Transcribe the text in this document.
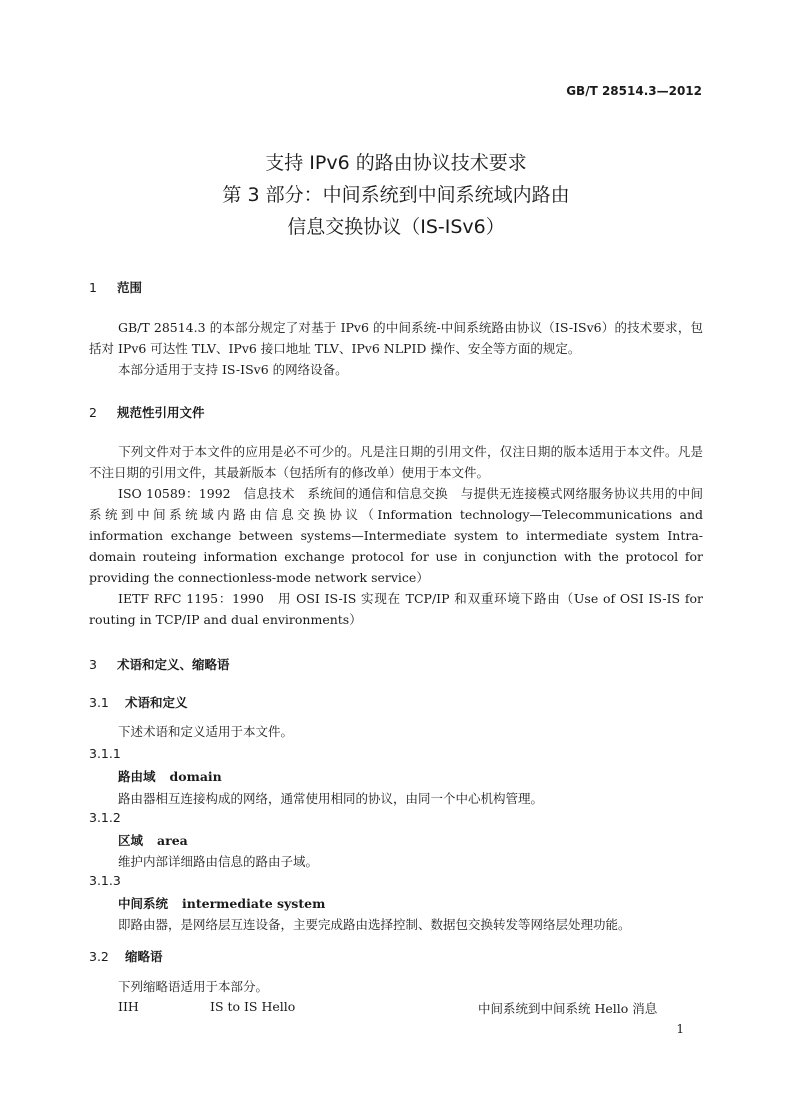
GB/T 28514.3—2012
支持 IPv6 的路由协议技术要求
第 3 部分：中间系统到中间系统域内路由
信息交换协议（IS-ISv6）
1 范围
GB/T 28514.3 的本部分规定了对基于 IPv6 的中间系统-中间系统路由协议（IS-ISv6）的技术要求，包括对 IPv6 可达性 TLV、IPv6 接口地址 TLV、IPv6 NLPID 操作、安全等方面的规定。
本部分适用于支持 IS-ISv6 的网络设备。
2 规范性引用文件
下列文件对于本文件的应用是必不可少的。凡是注日期的引用文件，仅注日期的版本适用于本文件。凡是不注日期的引用文件，其最新版本（包括所有的修改单）使用于本文件。
ISO 10589：1992　信息技术　系统间的通信和信息交换　与提供无连接模式网络服务协议共用的中间系统到中间系统域内路由信息交换协议（Information technology—Telecommunications and information exchange between systems—Intermediate system to intermediate system Intra-domain routeing information exchange protocol for use in conjunction with the protocol for providing the connectionless-mode network service）
IETF RFC 1195：1990　用 OSI IS-IS 实现在 TCP/IP 和双重环境下路由（Use of OSI IS-IS for routing in TCP/IP and dual environments）
3 术语和定义、缩略语
3.1 术语和定义
下述术语和定义适用于本文件。
3.1.1
路由域 domain
路由器相互连接构成的网络，通常使用相同的协议，由同一个中心机构管理。
3.1.2
区域 area
维护内部详细路由信息的路由子域。
3.1.3
中间系统 intermediate system
即路由器，是网络层互连设备，主要完成路由选择控制、数据包交换转发等网络层处理功能。
3.2 缩略语
下列缩略语适用于本部分。
IIH	IS to IS Hello	中间系统到中间系统 Hello 消息
1
